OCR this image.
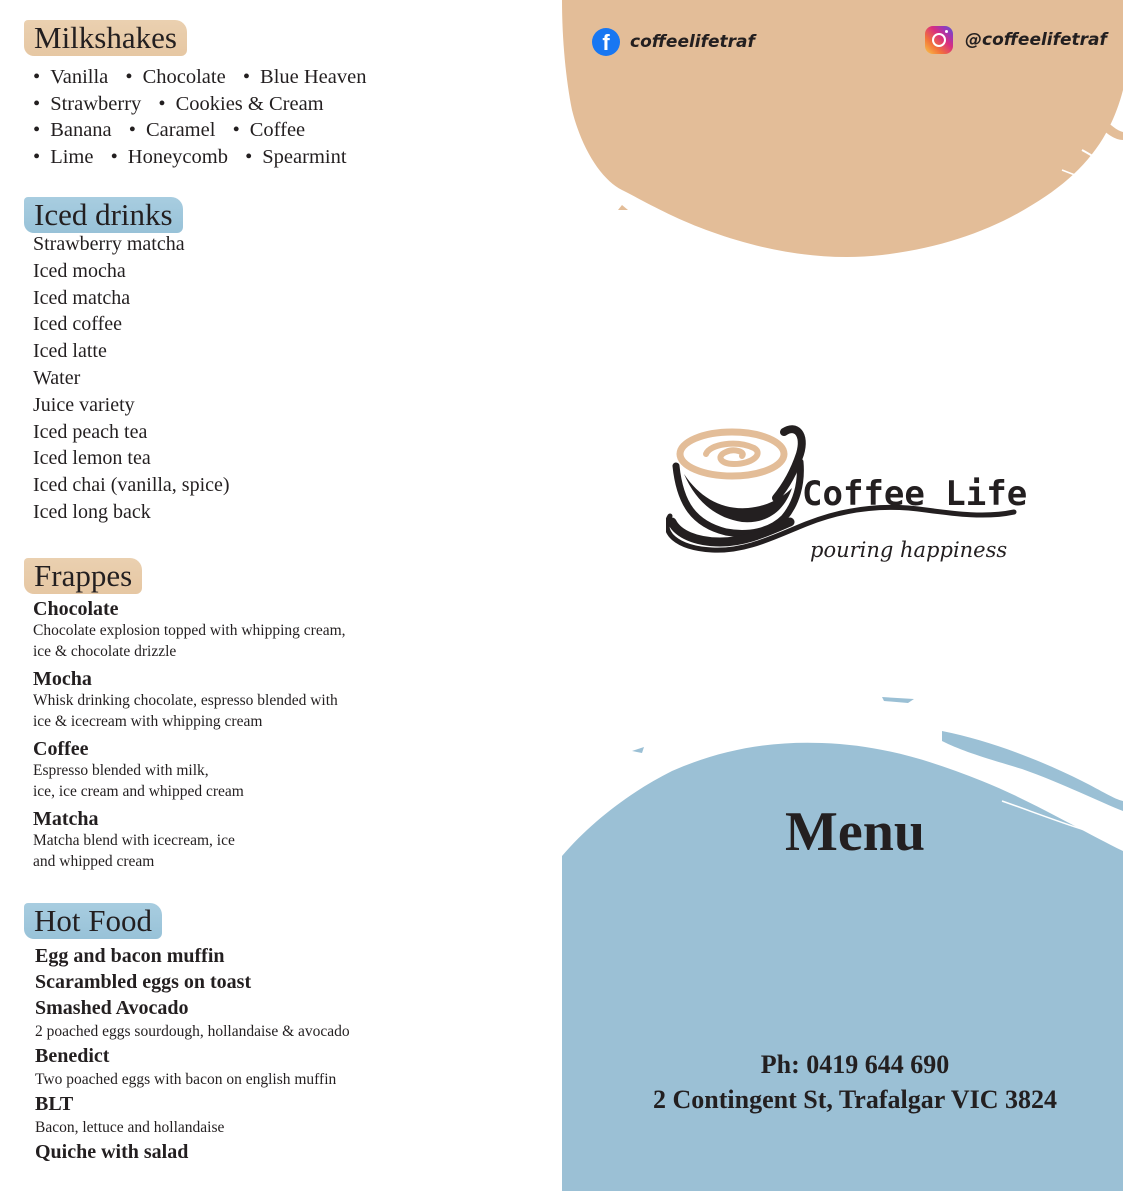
Milkshakes
• Vanilla • Chocolate • Blue Heaven
• Strawberry • Cookies & Cream
• Banana • Caramel • Coffee
• Lime • Honeycomb • Spearmint
Iced drinks
Strawberry matcha
Iced mocha
Iced matcha
Iced coffee
Iced latte
Water
Juice variety
Iced peach tea
Iced lemon tea
Iced chai (vanilla, spice)
Iced long back
Frappes
Chocolate
Chocolate explosion topped with whipping cream,
ice & chocolate drizzle
Mocha
Whisk drinking chocolate, espresso blended with
ice & icecream with whipping cream
Coffee
Espresso blended with milk,
ice, ice cream and whipped cream
Matcha
Matcha blend with icecream, ice
and whipped cream
Hot Food
Egg and bacon muffin
Scarambled eggs on toast
Smashed Avocado
2 poached eggs sourdough, hollandaise & avocado
Benedict
Two poached eggs with bacon on english muffin
BLT
Bacon, lettuce and hollandaise
Quiche with salad
f	coffeelifetraf	@coffeelifetraf
Coffee Life
pouring happiness
Menu
Ph: 0419 644 690
2 Contingent St, Trafalgar VIC 3824
